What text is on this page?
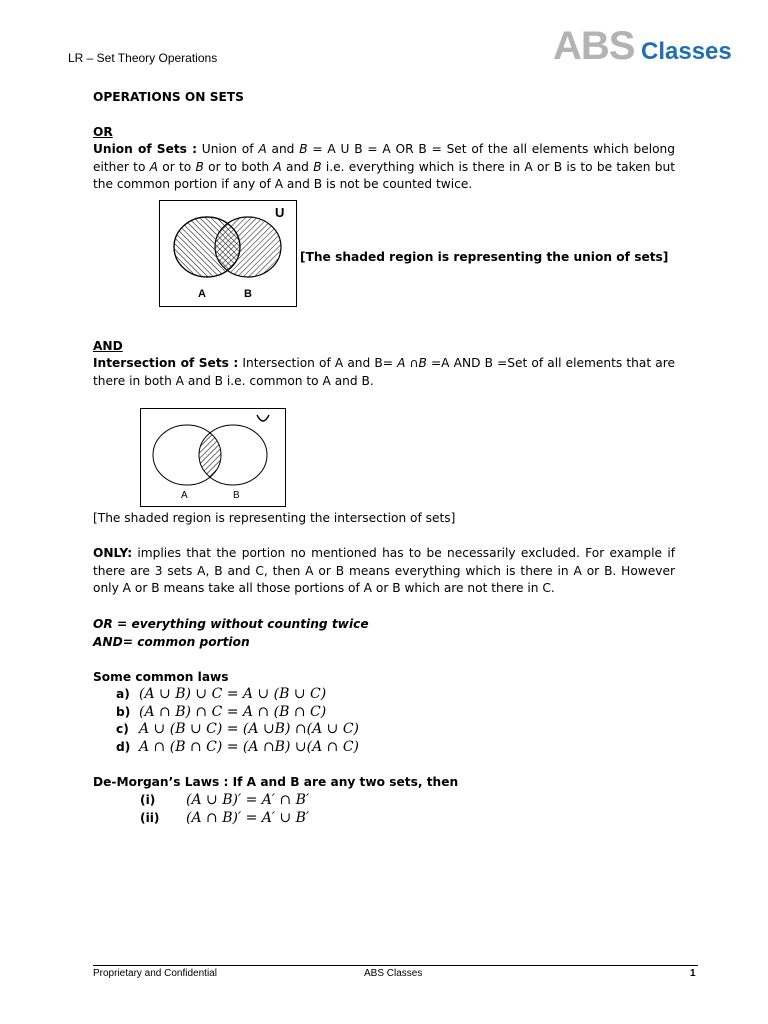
LR – Set Theory Operations	ABS Classes
OPERATIONS ON SETS
OR
Union of Sets : Union of A and B = A U B = A OR B = Set of the all elements which belong either to A or to B or to both A and B i.e. everything which is there in A or B is to be taken but the common portion if any of A and B is not be counted twice.
U
A	B
[The shaded region is representing the union of sets]
AND
Intersection of Sets : Intersection of A and B= A ∩B =A AND B =Set of all elements that are there in both A and B i.e. common to A and B.
A	B
[The shaded region is representing the intersection of sets]
ONLY: implies that the portion no mentioned has to be necessarily excluded. For example if there are 3 sets A, B and C, then A or B means everything which is there in A or B. However only A or B means take all those portions of A or B which are not there in C.
OR = everything without counting twice
AND= common portion
Some common laws
a) (A ∪ B) ∪ C = A ∪ (B ∪ C)
b) (A ∩ B) ∩ C = A ∩ (B ∩ C)
c) A ∪ (B ∪ C) = (A ∪B) ∩(A ∪ C)
d) A ∩ (B ∩ C) = (A ∩B) ∪(A ∩ C)
De-Morgan’s Laws : If A and B are any two sets, then
(i) (A ∪ B)′ = A′ ∩ B′
(ii) (A ∩ B)′ = A′ ∪ B′
Proprietary and Confidential	ABS Classes	1
